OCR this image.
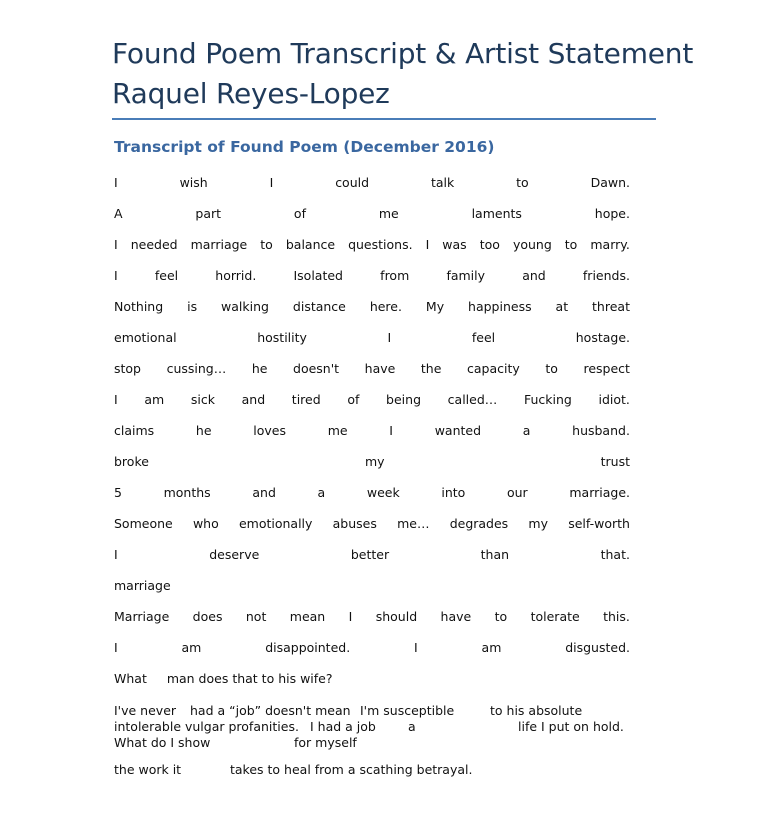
Found Poem Transcript & Artist Statement
Raquel Reyes-Lopez
Transcript of Found Poem (December 2016)
I	wish	I	could	talk	to	Dawn.
A	part	of	me	laments	hope.
I needed marriage to balance questions. I was too young to marry.
I	feel	horrid.	Isolated	from	family	and	friends.
Nothing is walking distance here. My happiness at threat
emotional	hostility	I	feel	hostage.
stop cussing… he doesn't have the capacity to respect
I am sick and tired of being called… Fucking idiot.
claims	he	loves	me	I	wanted	a	husband.
broke	my	trust
5	months	and	a	week	into	our	marriage.
Someone who emotionally abuses me… degrades my self-worth
I	deserve	better	than	that.
marriage
Marriage does not mean I should have to tolerate this.
I	am	disappointed.	I	am	disgusted.
What man does that to his wife?
I've never had a “job” doesn't mean I'm susceptible	to his absolute
intolerable vulgar profanities. I had a job	a	life I put on hold.
What do I show	for myself
the work it	takes to heal from a scathing betrayal.
